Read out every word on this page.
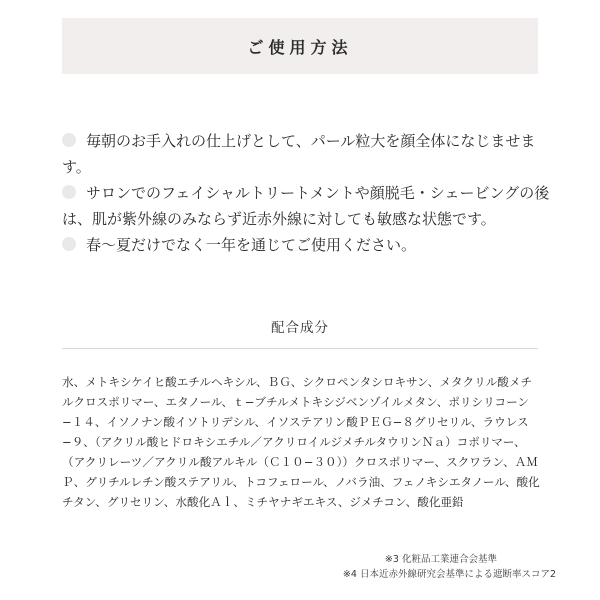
ご使用方法
毎朝のお手入れの仕上げとして、パール粒大を顔全体になじませます。
サロンでのフェイシャルトリートメントや顔脱毛・シェービングの後は、肌が紫外線のみならず近赤外線に対しても敏感な状態です。
春〜夏だけでなく一年を通じてご使用ください。
配合成分

水、メトキシケイヒ酸エチルヘキシル、ＢＧ、シクロペンタシロキサン、メタクリル酸メチルクロスポリマー、エタノール、ｔ−ブチルメトキシジベンゾイルメタン、ポリシリコーン−１４、イソノナン酸イソトリデシル、イソステアリン酸ＰＥＧ−８グリセリル、ラウレス−９、（アクリル酸ヒドロキシエチル／アクリロイルジメチルタウリンＮａ）コポリマー、（アクリレーツ／アクリル酸アルキル（Ｃ１０−３０））クロスポリマー、スクワラン、ＡＭＰ、グリチルレチン酸ステアリル、トコフェロール、ノバラ油、フェノキシエタノール、酸化チタン、グリセリン、水酸化Ａｌ、ミチヤナギエキス、ジメチコン、酸化亜鉛

※3 化粧品工業連合会基準
※4 日本近赤外線研究会基準による遮断率スコア2
